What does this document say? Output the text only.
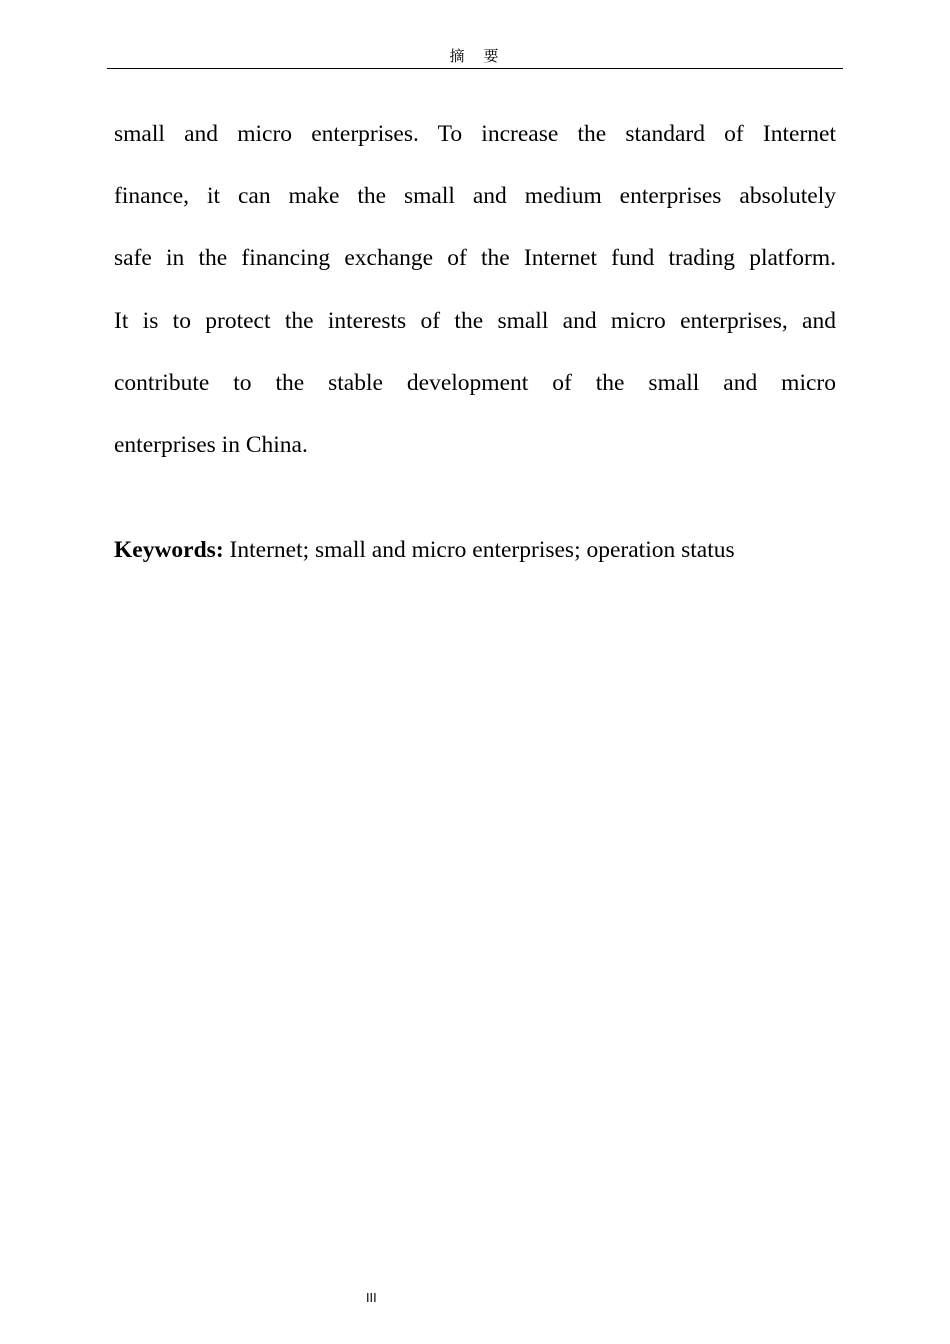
摘　要
small and micro enterprises. To increase the standard of Internet
finance, it can make the small and medium enterprises absolutely
safe in the financing exchange of the Internet fund trading platform.
It is to protect the interests of the small and micro enterprises, and
contribute to the stable development of the small and micro
enterprises in China.

Keywords: Internet; small and micro enterprises; operation status

III
